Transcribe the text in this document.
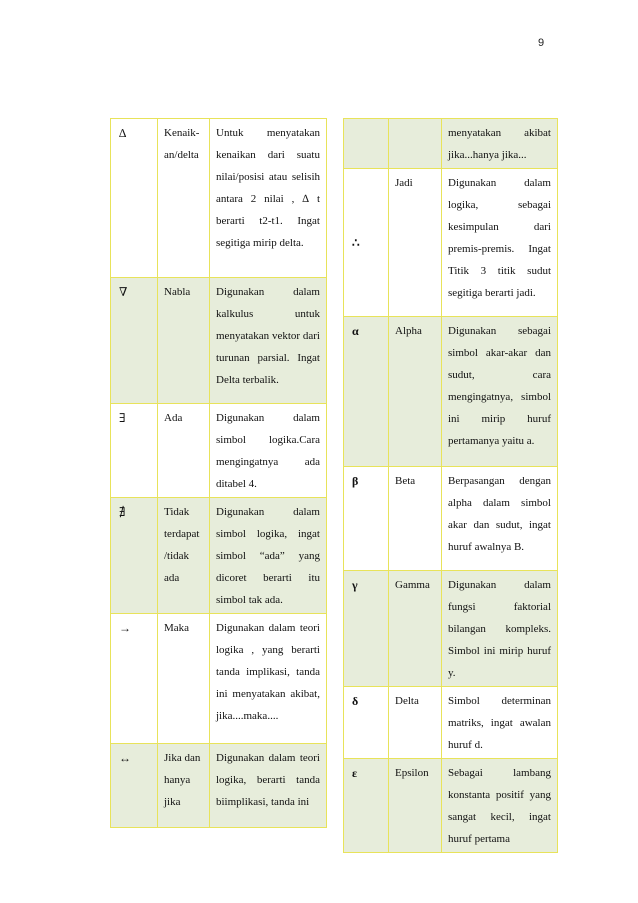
9
∆	Kenaik-an/delta	Untuk menyatakan kenaikan dari suatu nilai/posisi atau selisih antara 2 nilai , ∆ t berarti t2-t1. Ingat segitiga mirip delta.
∇	Nabla	Digunakan dalam kalkulus untuk menyatakan vektor dari turunan parsial. Ingat Delta terbalik.
∃	Ada	Digunakan dalam simbol logika.Cara mengingatnya ada ditabel 4.
∄	Tidak terdapat /tidak ada	Digunakan dalam simbol logika, ingat simbol “ada” yang dicoret berarti itu simbol tak ada.
→	Maka	Digunakan dalam teori logika , yang berarti tanda implikasi, tanda ini menyatakan akibat, jika....maka....
↔	Jika dan hanya jika	Digunakan dalam teori logika, berarti tanda biimplikasi, tanda ini
		menyatakan akibat jika...hanya jika...
∴	Jadi	Digunakan dalam logika, sebagai kesimpulan dari premis-premis. Ingat Titik 3 titik sudut segitiga berarti jadi.
α	Alpha	Digunakan sebagai simbol akar-akar dan sudut, cara mengingatnya, simbol ini mirip huruf pertamanya yaitu a.
β	Beta	Berpasangan dengan alpha dalam simbol akar dan sudut, ingat huruf awalnya B.
γ	Gamma	Digunakan dalam fungsi faktorial bilangan kompleks. Simbol ini mirip huruf y.
δ	Delta	Simbol determinan matriks, ingat awalan huruf d.
ε	Epsilon	Sebagai lambang konstanta positif yang sangat kecil, ingat huruf pertama
